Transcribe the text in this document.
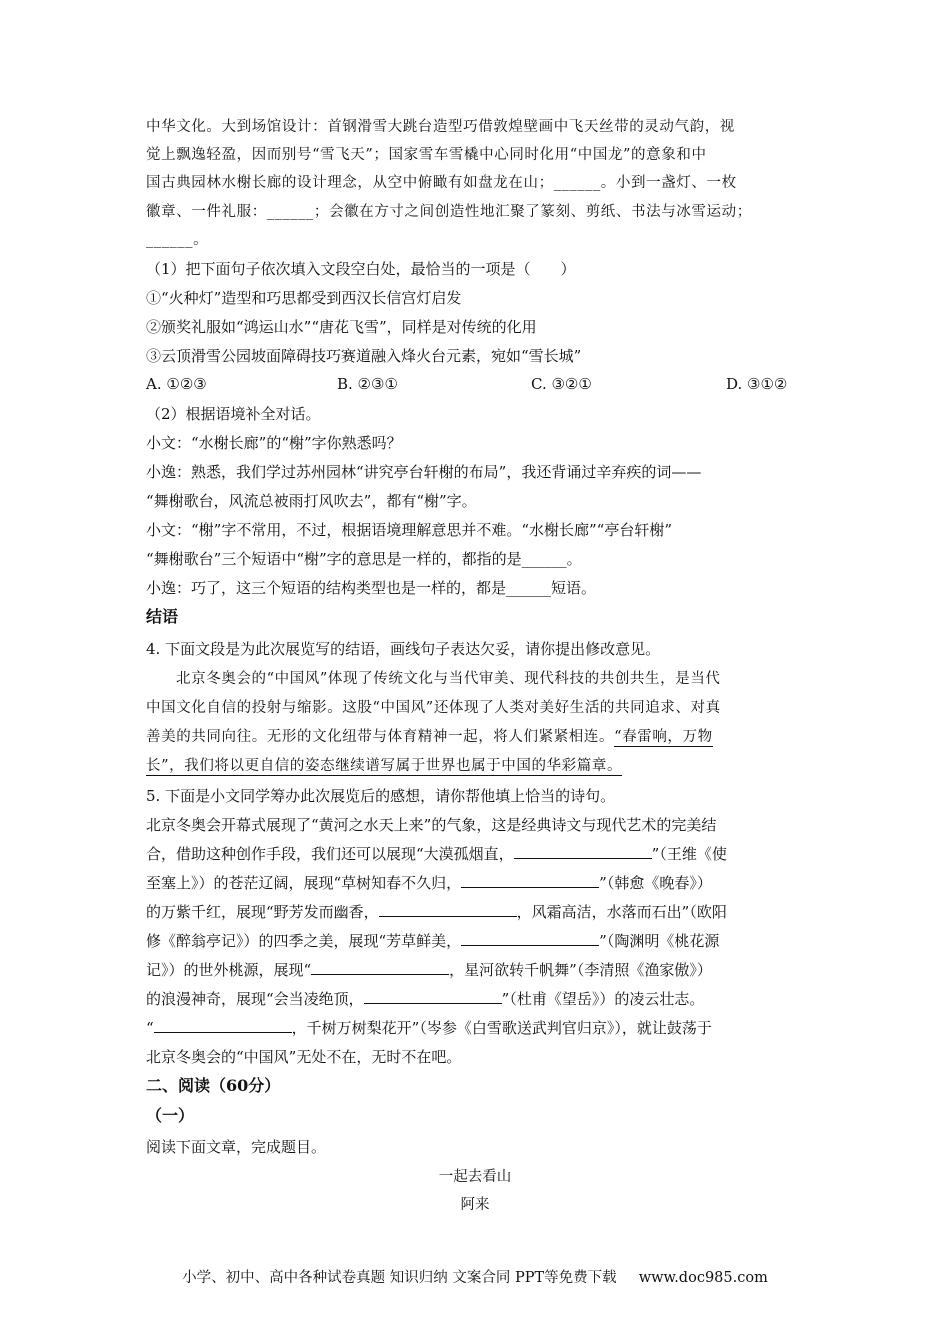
中华文化。大到场馆设计：首钢滑雪大跳台造型巧借敦煌壁画中飞天丝带的灵动气韵，视
觉上飘逸轻盈，因而别号“雪飞天”；国家雪车雪橇中心同时化用“中国龙”的意象和中
国古典园林水榭长廊的设计理念，从空中俯瞰有如盘龙在山；______。小到一盏灯、一枚
徽章、一件礼服：______；会徽在方寸之间创造性地汇聚了篆刻、剪纸、书法与冰雪运动；
______。
（1）把下面句子依次填入文段空白处，最恰当的一项是（　　）
①“火种灯”造型和巧思都受到西汉长信宫灯启发
②颁奖礼服如“鸿运山水”“唐花飞雪”，同样是对传统的化用
③云顶滑雪公园坡面障碍技巧赛道融入烽火台元素，宛如“雪长城”
A. ①②③	B. ②③①	C. ③②①	D. ③①②
（2）根据语境补全对话。
小文：“水榭长廊”的“榭”字你熟悉吗？
小逸：熟悉，我们学过苏州园林“讲究亭台轩榭的布局”，我还背诵过辛弃疾的词——
“舞榭歌台，风流总被雨打风吹去”，都有“榭”字。
小文：“榭”字不常用，不过，根据语境理解意思并不难。“水榭长廊”“亭台轩榭”
“舞榭歌台”三个短语中“榭”字的意思是一样的，都指的是______。
小逸：巧了，这三个短语的结构类型也是一样的，都是______短语。
结语
4. 下面文段是为此次展览写的结语，画线句子表达欠妥，请你提出修改意见。
北京冬奥会的“中国风”体现了传统文化与当代审美、现代科技的共创共生，是当代
中国文化自信的投射与缩影。这股“中国风”还体现了人类对美好生活的共同追求、对真
善美的共同向往。无形的文化纽带与体育精神一起，将人们紧紧相连。“春雷响，万物
长”，我们将以更自信的姿态继续谱写属于世界也属于中国的华彩篇章。
5. 下面是小文同学筹办此次展览后的感想，请你帮他填上恰当的诗句。
北京冬奥会开幕式展现了“黄河之水天上来”的气象，这是经典诗文与现代艺术的完美结
合，借助这种创作手段，我们还可以展现“大漠孤烟直，	”（王维《使
至塞上》）的苍茫辽阔，展现“草树知春不久归，	”（韩愈《晚春》）
的万紫千红，展现“野芳发而幽香，	，风霜高洁，水落而石出”（欧阳
修《醉翁亭记》）的四季之美，展现“芳草鲜美，	”（陶渊明《桃花源
记》）的世外桃源，展现“	，星河欲转千帆舞”（李清照《渔家傲》）
的浪漫神奇，展现“会当凌绝顶，	”（杜甫《望岳》）的凌云壮志。
“	，千树万树梨花开”（岑参《白雪歌送武判官归京》），就让鼓荡于
北京冬奥会的“中国风”无处不在，无时不在吧。
二、阅读（60分）
（一）
阅读下面文章，完成题目。
一起去看山
阿来
小学、初中、高中各种试卷真题 知识归纳 文案合同 PPT等免费下载 www.doc985.com
